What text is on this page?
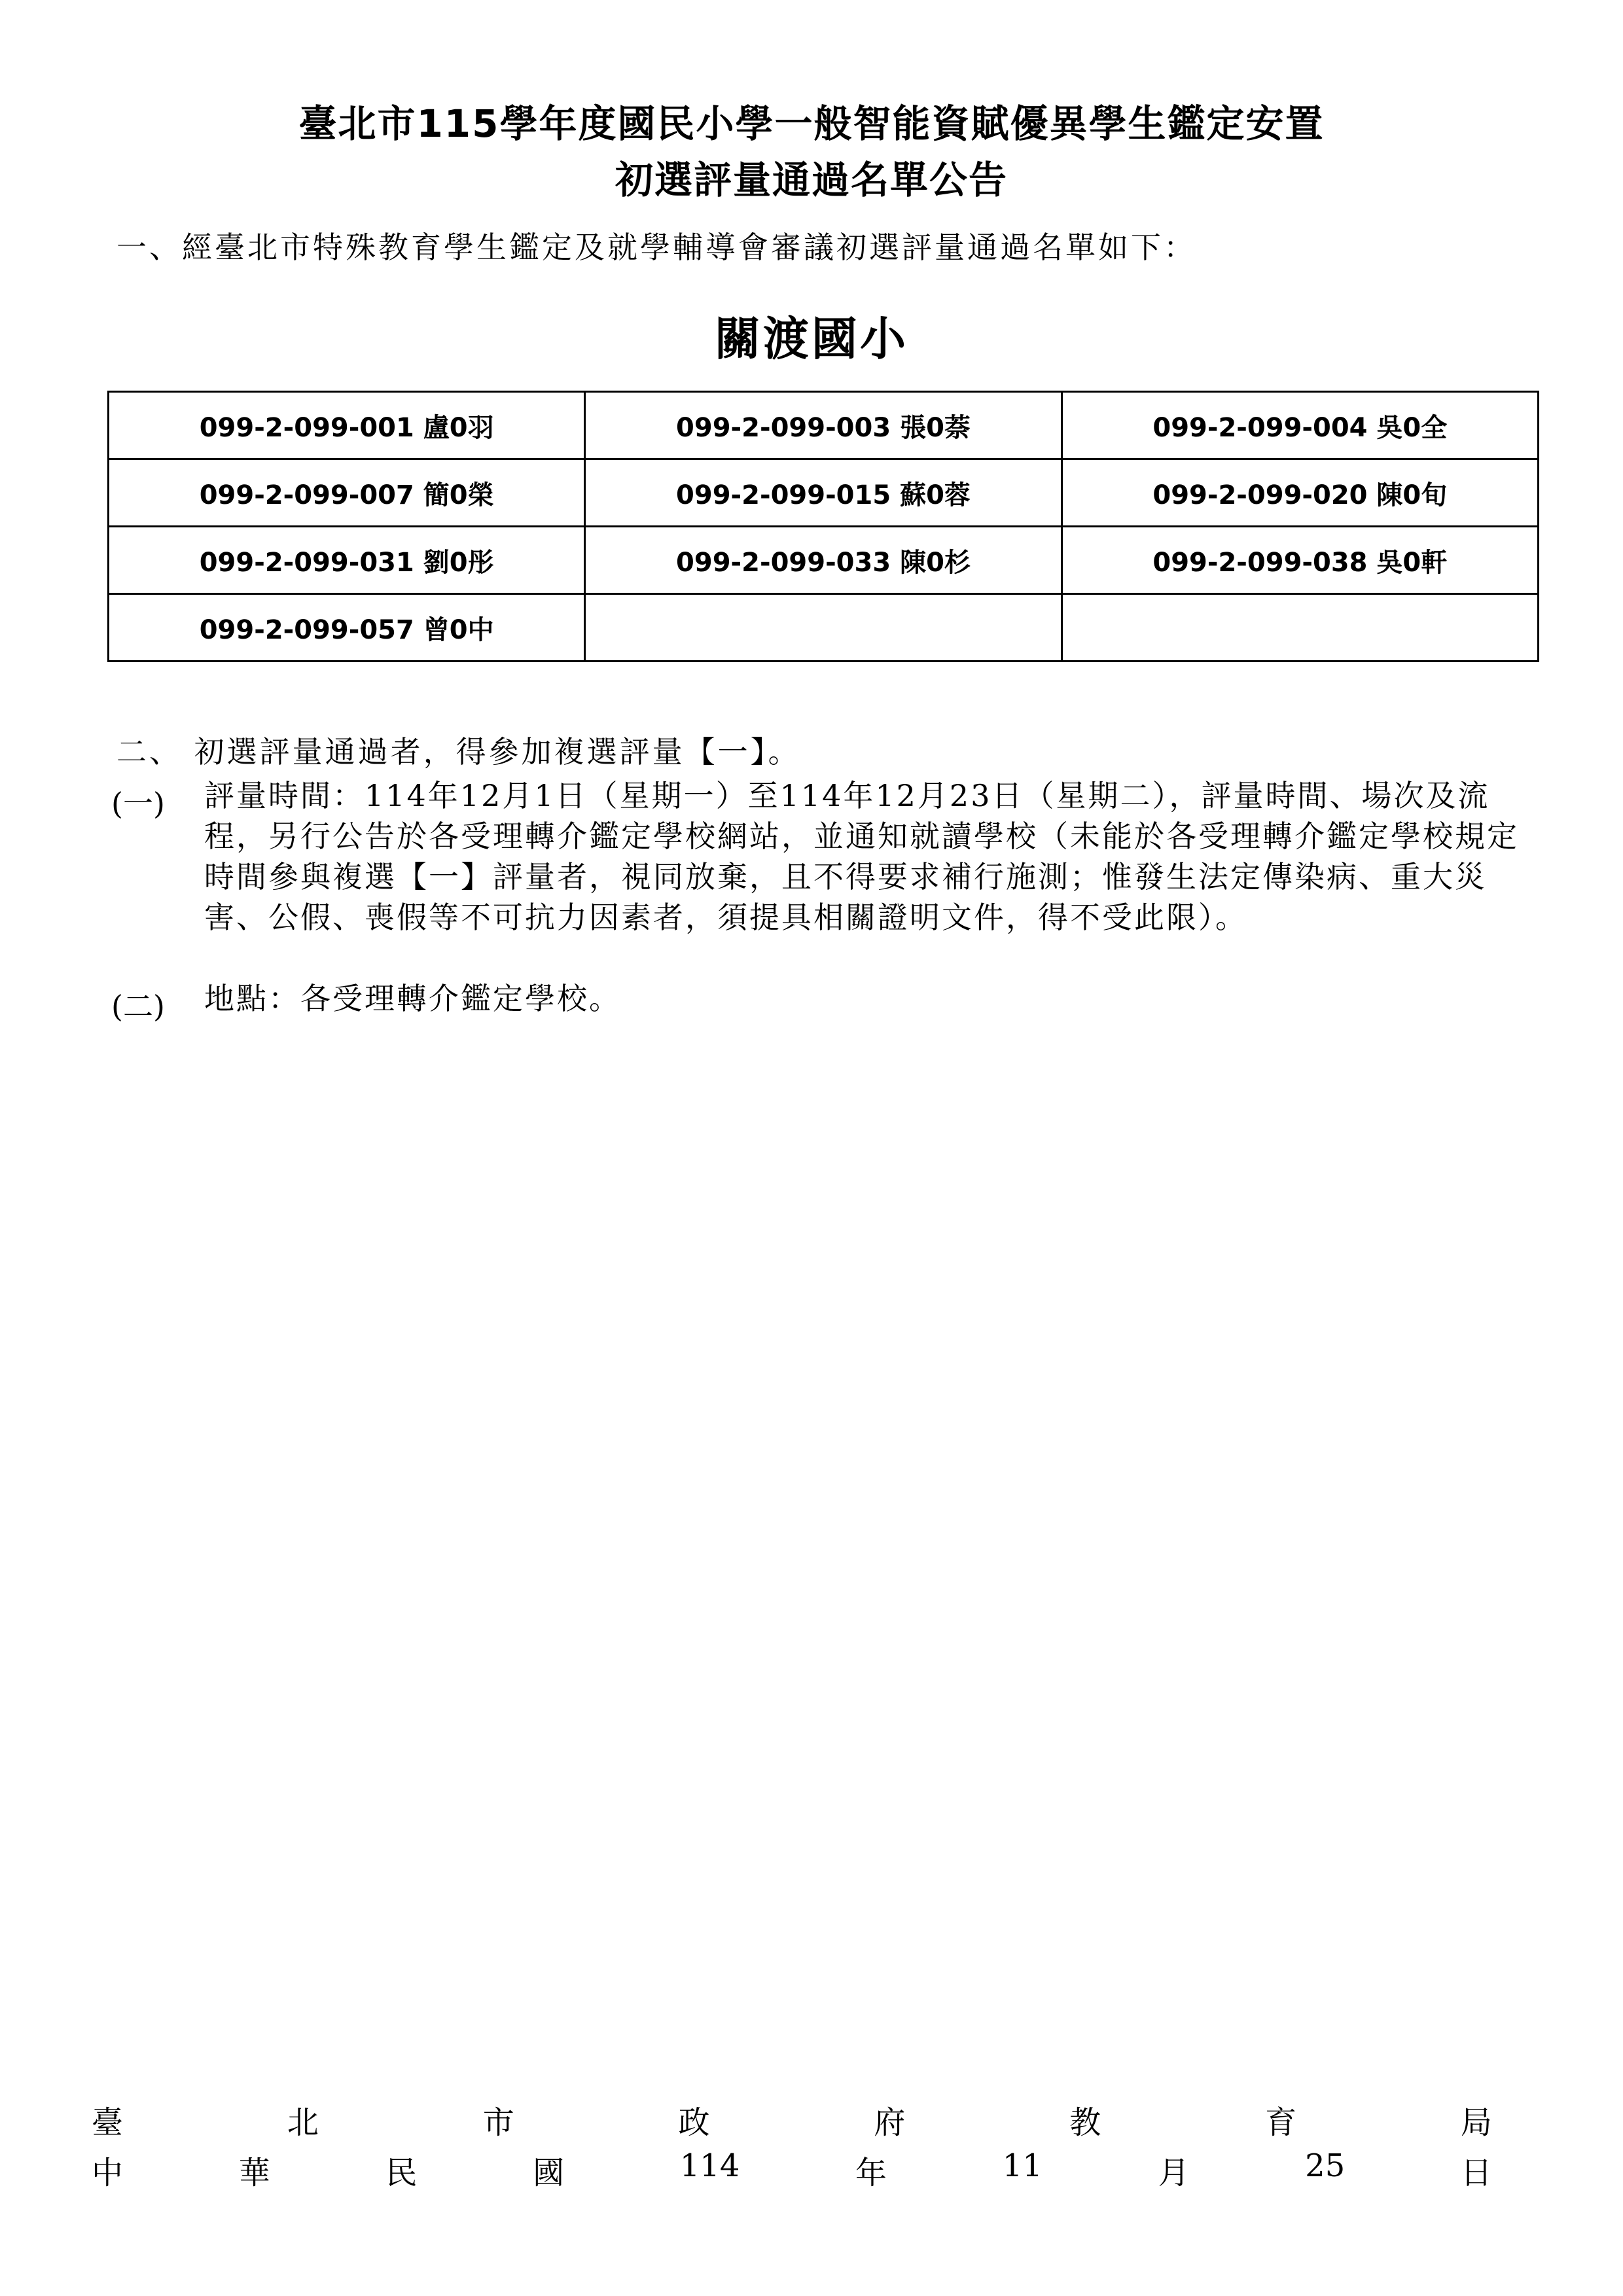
臺北市115學年度國民小學一般智能資賦優異學生鑑定安置
初選評量通過名單公告
一、經臺北市特殊教育學生鑑定及就學輔導會審議初選評量通過名單如下：
關渡國小
099-2-099-001 盧0羽	099-2-099-003 張0萘	099-2-099-004 吳0全
099-2-099-007 簡0榮	099-2-099-015 蘇0蓉	099-2-099-020 陳0旬
099-2-099-031 劉0彤	099-2-099-033 陳0杉	099-2-099-038 吳0軒
099-2-099-057 曾0中		
二、 初選評量通過者，得參加複選評量【一】。
(一) 評量時間：114年12月1日（星期一）至114年12月23日（星期二），評量時間、場次及流程，另行公告於各受理轉介鑑定學校網站，並通知就讀學校（未能於各受理轉介鑑定學校規定時間參與複選【一】評量者，視同放棄，且不得要求補行施測；惟發生法定傳染病、重大災害、公假、喪假等不可抗力因素者，須提具相關證明文件，得不受此限）。
(二) 地點：各受理轉介鑑定學校。
臺	北	市	政	府	教	育	局
中	華	民	國	114	年	11	月	25	日
